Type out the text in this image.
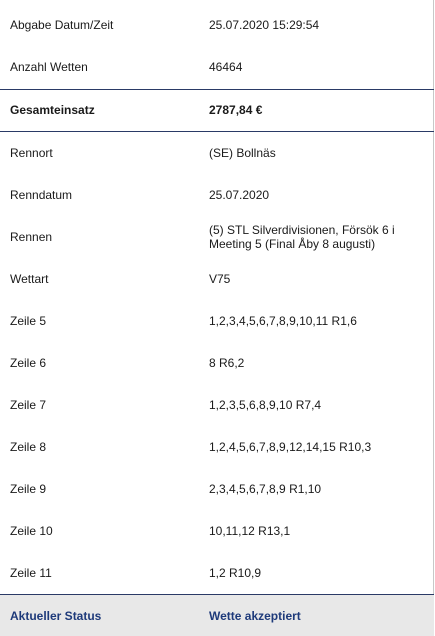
Abgabe Datum/Zeit	25.07.2020 15:29:54
Anzahl Wetten	46464
Gesamteinsatz	2787,84 €
Rennort	(SE) Bollnäs
Renndatum	25.07.2020
Rennen	(5) STL Silverdivisionen, Försök 6 i
Meeting 5 (Final Åby 8 augusti)
Wettart	V75
Zeile 5	1,2,3,4,5,6,7,8,9,10,11 R1,6
Zeile 6	8 R6,2
Zeile 7	1,2,3,5,6,8,9,10 R7,4
Zeile 8	1,2,4,5,6,7,8,9,12,14,15 R10,3
Zeile 9	2,3,4,5,6,7,8,9 R1,10
Zeile 10	10,11,12 R13,1
Zeile 11	1,2 R10,9
Aktueller Status	Wette akzeptiert
